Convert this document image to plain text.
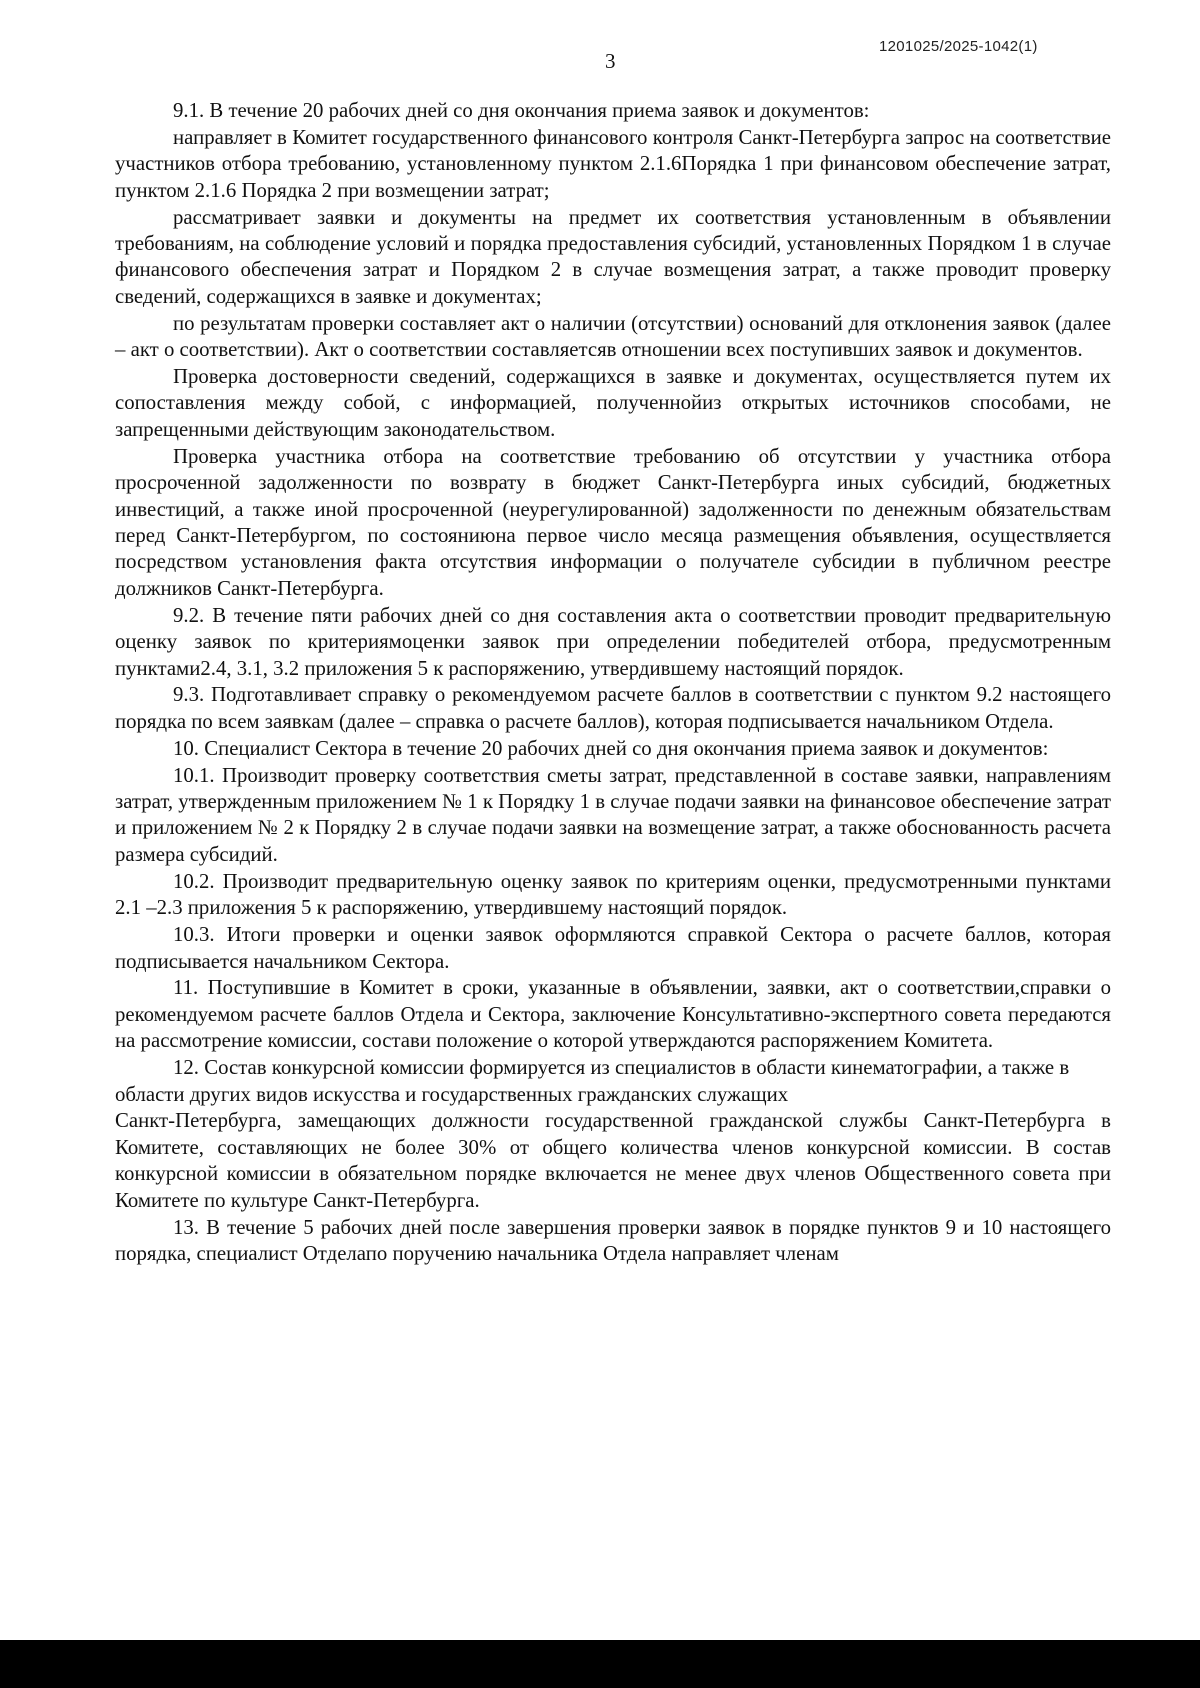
1201025/2025-1042(1)
3

9.1. В течение 20 рабочих дней со дня окончания приема заявок и документов:

направляет в Комитет государственного финансового контроля Санкт-Петербурга запрос на соответствие участников отбора требованию, установленному пунктом 2.1.6Порядка 1 при финансовом обеспечение затрат, пунктом 2.1.6 Порядка 2 при возмещении затрат;

рассматривает заявки и документы на предмет их соответствия установленным в объявлении требованиям, на соблюдение условий и порядка предоставления субсидий, установленных Порядком 1 в случае финансового обеспечения затрат и Порядком 2 в случае возмещения затрат, а также проводит проверку сведений, содержащихся в заявке и документах;

по результатам проверки составляет акт о наличии (отсутствии) оснований для отклонения заявок (далее – акт о соответствии). Акт о соответствии составляетсяв отношении всех поступивших заявок и документов.

Проверка достоверности сведений, содержащихся в заявке и документах, осуществляется путем их сопоставления между собой, с информацией, полученнойиз открытых источников способами, не запрещенными действующим законодательством.

Проверка участника отбора на соответствие требованию об отсутствии у участника отбора просроченной задолженности по возврату в бюджет Санкт-Петербурга иных субсидий, бюджетных инвестиций, а также иной просроченной (неурегулированной) задолженности по денежным обязательствам перед Санкт-Петербургом, по состояниюна первое число месяца размещения объявления, осуществляется посредством установления факта отсутствия информации о получателе субсидии в публичном реестре должников Санкт-Петербурга.

9.2. В течение пяти рабочих дней со дня составления акта о соответствии проводит предварительную оценку заявок по критериямоценки заявок при определении победителей отбора, предусмотренным пунктами2.4, 3.1, 3.2 приложения 5 к распоряжению, утвердившему настоящий порядок.

9.3. Подготавливает справку о рекомендуемом расчете баллов в соответствии с пунктом 9.2 настоящего порядка по всем заявкам (далее – справка о расчете баллов), которая подписывается начальником Отдела.

10. Специалист Сектора в течение 20 рабочих дней со дня окончания приема заявок и документов:

10.1. Производит проверку соответствия сметы затрат, представленной в составе заявки, направлениям затрат, утвержденным приложением № 1 к Порядку 1 в случае подачи заявки на финансовое обеспечение затрат и приложением № 2 к Порядку 2 в случае подачи заявки на возмещение затрат, а также обоснованность расчета размера субсидий.

10.2. Производит предварительную оценку заявок по критериям оценки, предусмотренными пунктами 2.1 –2.3 приложения 5 к распоряжению, утвердившему настоящий порядок.

10.3. Итоги проверки и оценки заявок оформляются справкой Сектора о расчете баллов, которая подписывается начальником Сектора.

11. Поступившие в Комитет в сроки, указанные в объявлении, заявки, акт о соответствии,справки о рекомендуемом расчете баллов Отдела и Сектора, заключение Консультативно-экспертного совета передаются на рассмотрение комиссии, состави положение о которой утверждаются распоряжением Комитета.

12. Состав конкурсной комиссии формируется из специалистов в области кинематографии, а также в области других видов искусства и государственных гражданских служащих

Санкт-Петербурга, замещающих должности государственной гражданской службы Санкт-Петербурга в Комитете, составляющих не более 30% от общего количества членов конкурсной комиссии. В состав конкурсной комиссии в обязательном порядке включается не менее двух членов Общественного совета при Комитете по культуре Санкт-Петербурга.

13. В течение 5 рабочих дней после завершения проверки заявок в порядке пунктов 9 и 10 настоящего порядка, специалист Отделапо поручению начальника Отдела направляет членам
